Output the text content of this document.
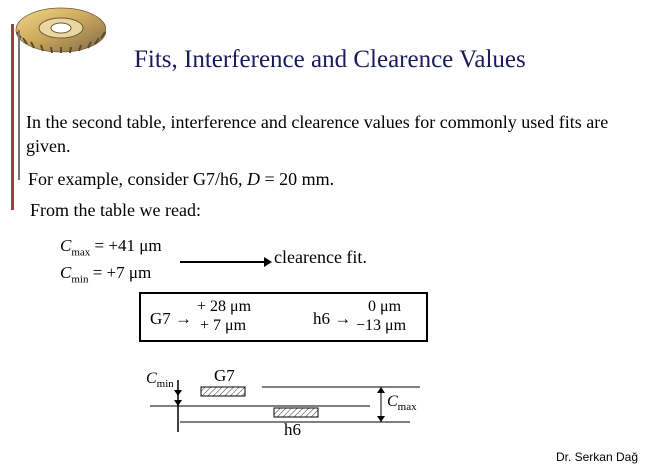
Fits, Interference and Clearence Values
In the second table, interference and clearence values for commonly used fits are given.
For example, consider G7/h6, D = 20 mm.
From the table we read:
$C_{max} = +41$ μm
$C_{min} = +7$ μm
clearence fit.
G7 →
+ 28 μm
+ 7 μm	h6 →
0 μm
−13 μm
$C_{min}$ G7
h6
$C_{max}$
Dr. Serkan Dağ
